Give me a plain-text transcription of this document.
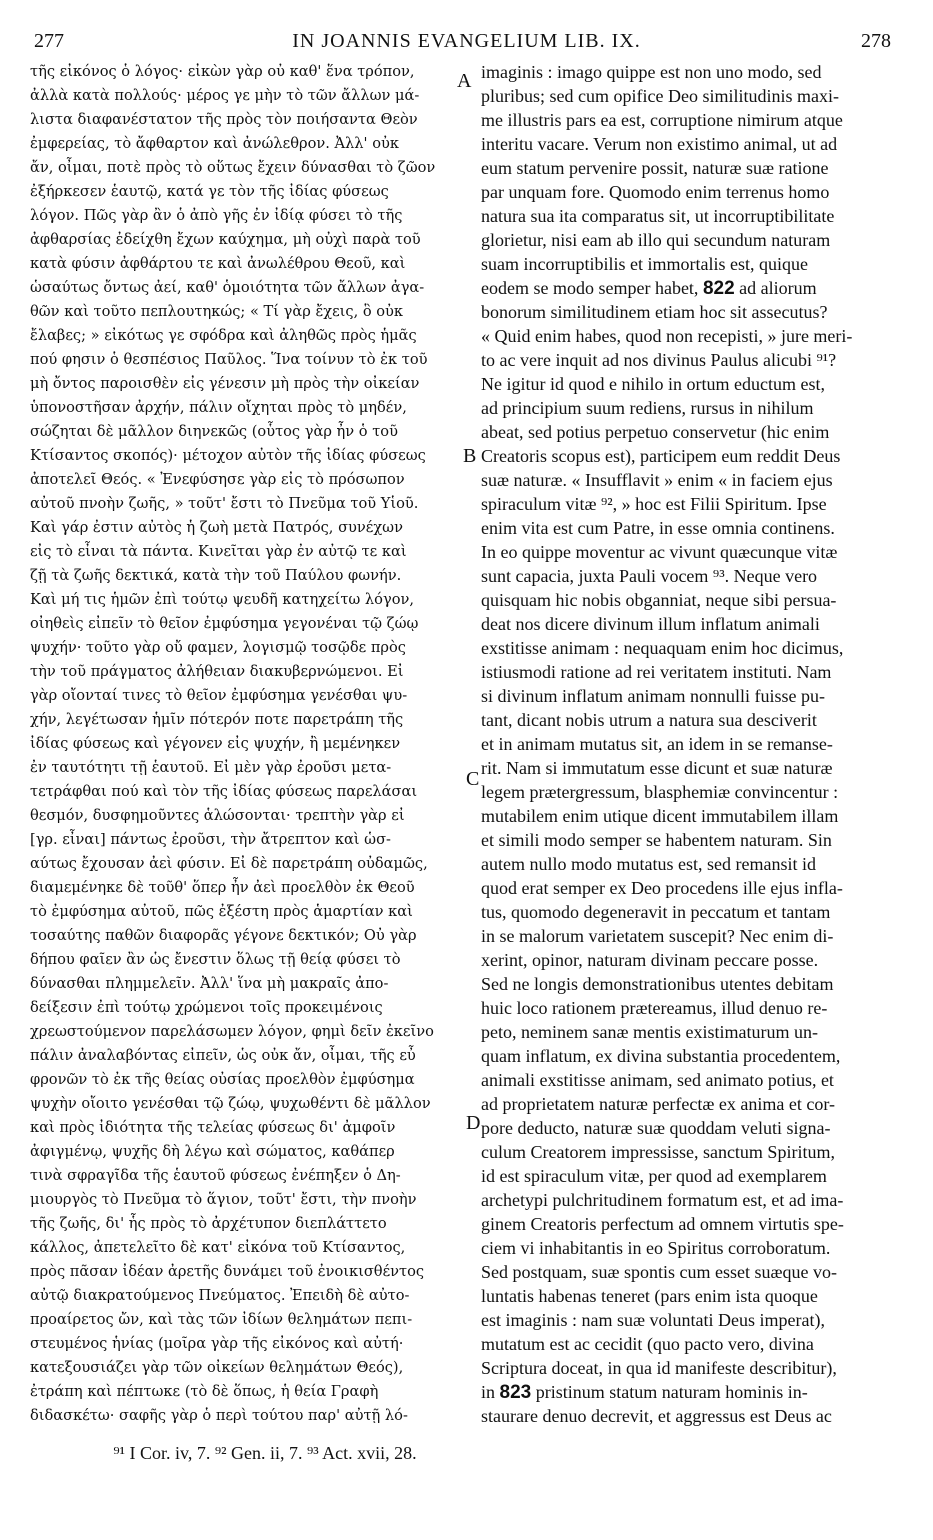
277	IN JOANNIS EVANGELIUM LIB. IX.	278
τῆς εἰκόνος ὁ λόγος· εἰκὼν γὰρ οὐ καθ' ἕνα τρόπον,
ἀλλὰ κατὰ πολλούς· μέρος γε μὴν τὸ τῶν ἄλλων μά-
λιστα διαφανέστατον τῆς πρὸς τὸν ποιήσαντα Θεὸν
ἐμφερείας, τὸ ἄφθαρτον καὶ ἀνώλεθρον. Ἀλλ' οὐκ
ἄν, οἶμαι, ποτὲ πρὸς τὸ οὕτως ἔχειν δύνασθαι τὸ ζῶον
ἐξήρκεσεν ἑαυτῷ, κατά γε τὸν τῆς ἰδίας φύσεως
λόγον. Πῶς γὰρ ἂν ὁ ἀπὸ γῆς ἐν ἰδίᾳ φύσει τὸ τῆς
ἀφθαρσίας ἐδείχθη ἔχων καύχημα, μὴ οὐχὶ παρὰ τοῦ
κατὰ φύσιν ἀφθάρτου τε καὶ ἀνωλέθρου Θεοῦ, καὶ
ὡσαύτως ὄντως ἀεί, καθ' ὁμοιότητα τῶν ἄλλων ἀγα-
θῶν καὶ τοῦτο πεπλουτηκώς; « Τί γὰρ ἔχεις, ὃ οὐκ
ἔλαβες; » εἰκότως γε σφόδρα καὶ ἀληθῶς πρὸς ἡμᾶς
πού φησιν ὁ θεσπέσιος Παῦλος. Ἵνα τοίνυν τὸ ἐκ τοῦ
μὴ ὄντος παροισθὲν εἰς γένεσιν μὴ πρὸς τὴν οἰκείαν
ὑπονοστῆσαν ἀρχήν, πάλιν οἴχηται πρὸς τὸ μηδέν,
σώζηται δὲ μᾶλλον διηνεκῶς (οὗτος γὰρ ἦν ὁ τοῦ
Κτίσαντος σκοπός)· μέτοχον αὐτὸν τῆς ἰδίας φύσεως
ἀποτελεῖ Θεός. « Ἐνεφύσησε γὰρ εἰς τὸ πρόσωπον
αὐτοῦ πνοὴν ζωῆς, » τοῦτ' ἔστι τὸ Πνεῦμα τοῦ Υἱοῦ.
Καὶ γάρ ἐστιν αὐτὸς ἡ ζωὴ μετὰ Πατρός, συνέχων
εἰς τὸ εἶναι τὰ πάντα. Κινεῖται γὰρ ἐν αὐτῷ τε καὶ
ζῇ τὰ ζωῆς δεκτικά, κατὰ τὴν τοῦ Παύλου φωνήν.
Καὶ μή τις ἡμῶν ἐπὶ τούτῳ ψευδῆ κατηχείτω λόγον,
οἰηθεὶς εἰπεῖν τὸ θεῖον ἐμφύσημα γεγονέναι τῷ ζώῳ
ψυχήν· τοῦτο γὰρ οὔ φαμεν, λογισμῷ τοσῷδε πρὸς
τὴν τοῦ πράγματος ἀλήθειαν διακυβερνώμενοι. Εἰ
γὰρ οἴονταί τινες τὸ θεῖον ἐμφύσημα γενέσθαι ψυ-
χήν, λεγέτωσαν ἡμῖν πότερόν ποτε παρετράπη τῆς
ἰδίας φύσεως καὶ γέγονεν εἰς ψυχήν, ἢ μεμένηκεν
ἐν ταυτότητι τῇ ἑαυτοῦ. Εἰ μὲν γὰρ ἐροῦσι μετα-
τετράφθαι πού καὶ τὸν τῆς ἰδίας φύσεως παρελάσαι
θεσμόν, δυσφημοῦντες ἁλώσονται· τρεπτὴν γὰρ εἰ
[γρ. εἶναι] πάντως ἐροῦσι, τὴν ἄτρεπτον καὶ ὡσ-
αύτως ἔχουσαν ἀεὶ φύσιν. Εἰ δὲ παρετράπη οὐδαμῶς,
διαμεμένηκε δὲ τοῦθ' ὅπερ ἦν ἀεὶ προελθὸν ἐκ Θεοῦ
τὸ ἐμφύσημα αὐτοῦ, πῶς ἐξέστη πρὸς ἁμαρτίαν καὶ
τοσαύτης παθῶν διαφορᾶς γέγονε δεκτικόν; Οὐ γὰρ
δήπου φαῖεν ἂν ὡς ἔνεστιν ὅλως τῇ θείᾳ φύσει τὸ
δύνασθαι πλημμελεῖν. Ἀλλ' ἵνα μὴ μακραῖς ἀπο-
δείξεσιν ἐπὶ τούτῳ χρώμενοι τοῖς προκειμένοις
χρεωστούμενον παρελάσωμεν λόγον, φημὶ δεῖν ἐκεῖνο
πάλιν ἀναλαβόντας εἰπεῖν, ὡς οὐκ ἄν, οἶμαι, τῆς εὖ
φρονῶν τὸ ἐκ τῆς θείας οὐσίας προελθὸν ἐμφύσημα
ψυχὴν οἴοιτο γενέσθαι τῷ ζώῳ, ψυχωθέντι δὲ μᾶλλον
καὶ πρὸς ἰδιότητα τῆς τελείας φύσεως δι' ἀμφοῖν
ἀφιγμένῳ, ψυχῆς δὴ λέγω καὶ σώματος, καθάπερ
τινὰ σφραγῖδα τῆς ἑαυτοῦ φύσεως ἐνέπηξεν ὁ Δη-
μιουργὸς τὸ Πνεῦμα τὸ ἅγιον, τοῦτ' ἔστι, τὴν πνοὴν
τῆς ζωῆς, δι' ἧς πρὸς τὸ ἀρχέτυπον διεπλάττετο
κάλλος, ἀπετελεῖτο δὲ κατ' εἰκόνα τοῦ Κτίσαντος,
πρὸς πᾶσαν ἰδέαν ἀρετῆς δυνάμει τοῦ ἐνοικισθέντος
αὐτῷ διακρατούμενος Πνεύματος. Ἐπειδὴ δὲ αὐτο-
προαίρετος ὤν, καὶ τὰς τῶν ἰδίων θελημάτων πεπι-
στευμένος ἡνίας (μοῖρα γὰρ τῆς εἰκόνος καὶ αὐτή·
κατεξουσιάζει γὰρ τῶν οἰκείων θελημάτων Θεός),
ἐτράπη καὶ πέπτωκε (τὸ δὲ ὅπως, ἡ θεία Γραφὴ
διδασκέτω· σαφῆς γὰρ ὁ περὶ τούτου παρ' αὐτῇ λό-
imaginis : imago quippe est non uno modo, sed
pluribus; sed cum opifice Deo similitudinis maxi-
me illustris pars ea est, corruptione nimirum atque
interitu vacare. Verum non existimo animal, ut ad
eum statum pervenire possit, naturæ suæ ratione
par unquam fore. Quomodo enim terrenus homo
natura sua ita comparatus sit, ut incorruptibilitate
glorietur, nisi eam ab illo qui secundum naturam
suam incorruptibilis et immortalis est, quique
eodem se modo semper habet, 822 ad aliorum
bonorum similitudinem etiam hoc sit assecutus?
« Quid enim habes, quod non recepisti, » jure meri-
to ac vere inquit ad nos divinus Paulus alicubi ⁹¹?
Ne igitur id quod e nihilo in ortum eductum est,
ad principium suum rediens, rursus in nihilum
abeat, sed potius perpetuo conservetur (hic enim
Creatoris scopus est), participem eum reddit Deus
suæ naturæ. « Insufflavit » enim « in faciem ejus
spiraculum vitæ ⁹², » hoc est Filii Spiritum. Ipse
enim vita est cum Patre, in esse omnia continens.
In eo quippe moventur ac vivunt quæcunque vitæ
sunt capacia, juxta Pauli vocem ⁹³. Neque vero
quisquam hic nobis obganniat, neque sibi persua-
deat nos dicere divinum illum inflatum animali
exstitisse animam : nequaquam enim hoc dicimus,
istiusmodi ratione ad rei veritatem instituti. Nam
si divinum inflatum animam nonnulli fuisse pu-
tant, dicant nobis utrum a natura sua desciverit
et in animam mutatus sit, an idem in se remanse-
rit. Nam si immutatum esse dicunt et suæ naturæ
legem prætergressum, blasphemiæ convincentur :
mutabilem enim utique dicent immutabilem illam
et simili modo semper se habentem naturam. Sin
autem nullo modo mutatus est, sed remansit id
quod erat semper ex Deo procedens ille ejus infla-
tus, quomodo degeneravit in peccatum et tantam
in se malorum varietatem suscepit? Nec enim di-
xerint, opinor, naturam divinam peccare posse.
Sed ne longis demonstrationibus utentes debitam
huic loco rationem prætereamus, illud denuo re-
peto, neminem sanæ mentis existimaturum un-
quam inflatum, ex divina substantia procedentem,
animali exstitisse animam, sed animato potius, et
ad proprietatem naturæ perfectæ ex anima et cor-
pore deducto, naturæ suæ quoddam veluti signa-
culum Creatorem impressisse, sanctum Spiritum,
id est spiraculum vitæ, per quod ad exemplarem
archetypi pulchritudinem formatum est, et ad ima-
ginem Creatoris perfectum ad omnem virtutis spe-
ciem vi inhabitantis in eo Spiritus corroboratum.
Sed postquam, suæ spontis cum esset suæque vo-
luntatis habenas teneret (pars enim ista quoque
est imaginis : nam suæ voluntati Deus imperat),
mutatum est ac cecidit (quo pacto vero, divina
Scriptura doceat, in qua id manifeste describitur),
in 823 pristinum statum naturam hominis in-
staurare denuo decrevit, et aggressus est Deus ac
A
B
C
D
⁹¹ I Cor. iv, 7. ⁹² Gen. ii, 7. ⁹³ Act. xvii, 28.
